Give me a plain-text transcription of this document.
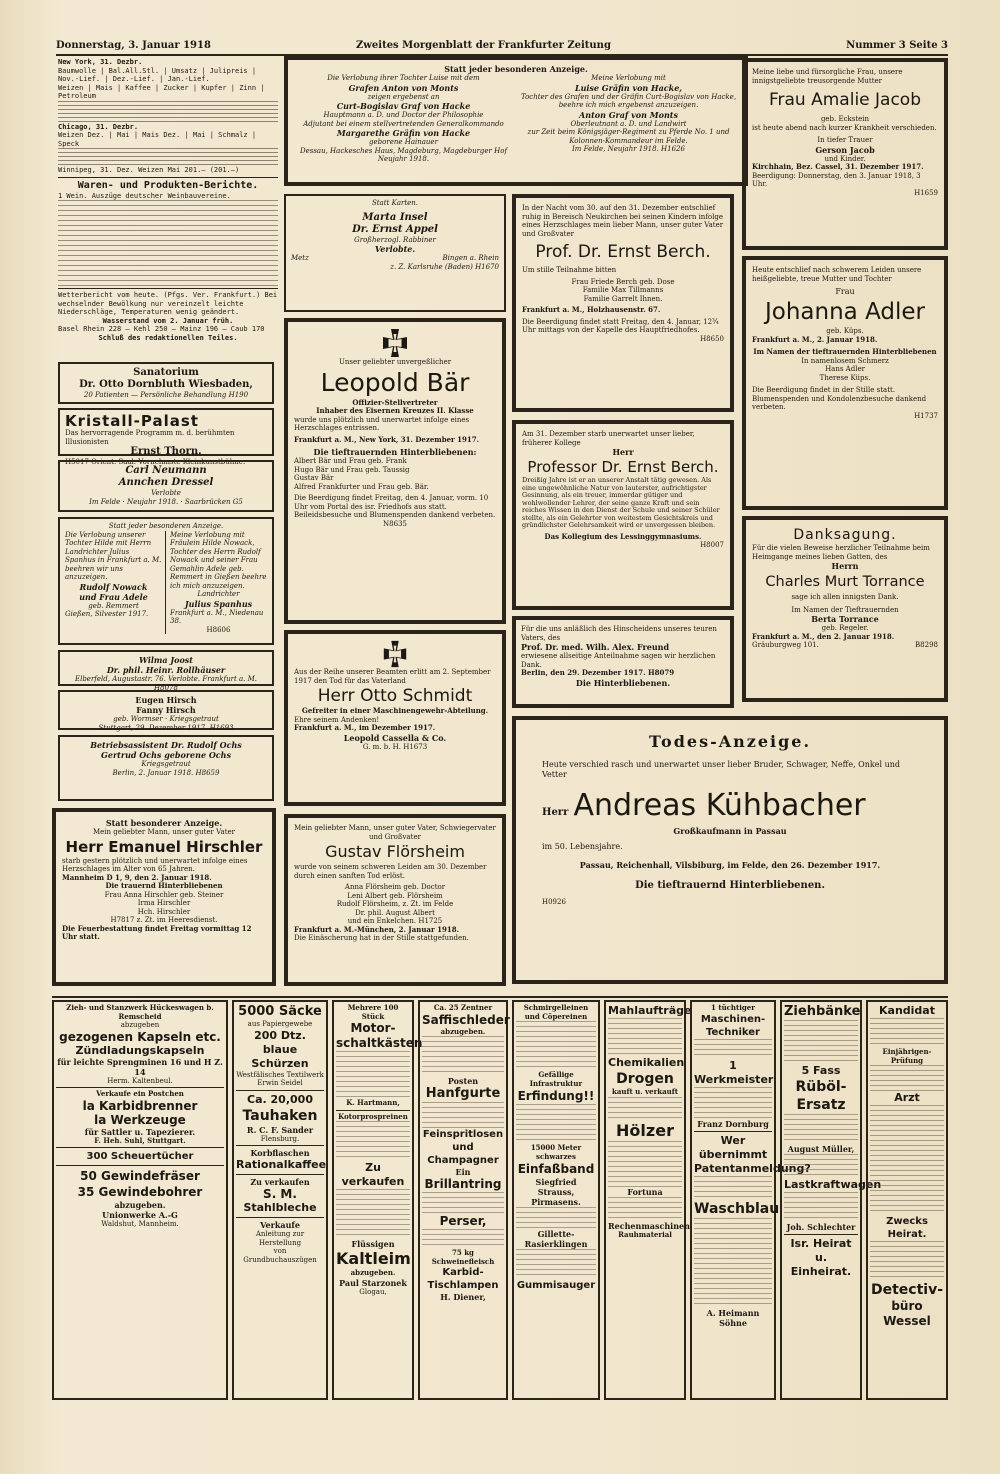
Donnerstag, 3. Januar 1918	Zweites Morgenblatt der Frankfurter Zeitung	Nummer 3 Seite 3

New York, 31. Dezbr.

Baumwolle | Bal.All.Stl. | Umsatz | Julipreis | Nov.-Lief. | Dez.-Lief. | Jan.-Lief.

Weizen | Mais | Kaffee | Zucker | Kupfer | Zinn | Petroleum

Chicago, 31. Dezbr.

Weizen Dez. | Mai | Mais Dez. | Mai | Schmalz | Speck

Winnipeg, 31. Dez. Weizen Mai 201.— (201.—)

Waren- und Produkten-Berichte.

1 Wein. Auszüge deutscher Weinbauvereine.

Wetterbericht vom heute. (Pfgs. Ver. Frankfurt.) Bei wechselnder Bewölkung nur vereinzelt leichte Niederschläge, Temperaturen wenig geändert.

Wasserstand vom 2. Januar früh.

Basel Rhein 228 — Kehl 250 — Mainz 196 — Caub 170

Schluß des redaktionellen Teiles.

Sanatorium

Dr. Otto Dornbluth Wiesbaden,

20 Patienten — Persönliche Behandlung H190

Kristall-Palast

Das hervorragende Programm m. d. berühmten Illusionisten

Ernst Thorn.

H5017 Orient. Saal. Vornehmste Kleinkunstbühne.

Carl Neumann

Annchen Dressel

Verlobte

Im Felde · Neujahr 1918. · Saarbrücken G5

Statt jeder besonderen Anzeige.

Die Verlobung unserer Tochter Hilde mit Herrn Landrichter Julius Spanhus in Frankfurt a. M. beehren wir uns anzuzeigen.

Rudolf Nowack

und Frau Adele

geb. Remmert

Gießen, Silvester 1917.

Meine Verlobung mit Fräulein Hilde Nowack, Tochter des Herrn Rudolf Nowack und seiner Frau Gemahlin Adele geb. Remmert in Gießen beehre ich mich anzuzeigen.

Landrichter

Julius Spanhus

Frankfurt a. M., Niedenau 38.

H8606

Wilma Joost

Dr. phil. Heinr. Rollhäuser

Elberfeld, Augustastr. 76. Verlobte. Frankfurt a. M. H8078

Eugen Hirsch

Fanny Hirsch

geb. Wormser · Kriegsgetraut

Stuttgart, 29. Dezember 1917. H1693

Betriebsassistent Dr. Rudolf Ochs

Gertrud Ochs geborene Ochs

Kriegsgetraut

Berlin, 2. Januar 1918. H8659

Statt besonderer Anzeige.

Mein geliebter Mann, unser guter Vater

Herr Emanuel Hirschler

starb gestern plötzlich und unerwartet infolge eines Herzschlages im Alter von 65 Jahren.

Mannheim D 1, 9, den 2. Januar 1918.

Die trauernd Hinterbliebenen

Frau Anna Hirschler geb. Steiner

Irma Hirschler

Hch. Hirschler

H7817 z. Zt. im Heeresdienst.

Die Feuerbestattung findet Freitag vormittag 12 Uhr statt.

Statt jeder besonderen Anzeige.

Die Verlobung ihrer Tochter Luise mit dem

Grafen Anton von Monts

zeigen ergebenst an

Curt-Bogislav Graf von Hacke

Hauptmann a. D. und Doctor der Philosophie

Adjutant bei einem stellvertretenden Generalkommando

Margarethe Gräfin von Hacke

geborene Hainauer

Dessau, Hackesches Haus, Magdeburg, Magdeburger Hof

Neujahr 1918.

Meine Verlobung mit

Luise Gräfin von Hacke,

Tochter des Grafen und der Gräfin Curt-Bogislav von Hacke, beehre ich mich ergebenst anzuzeigen.

Anton Graf von Monts

Oberleutnant a. D. und Landwirt

zur Zeit beim Königsjäger-Regiment zu Pferde No. 1 und Kolonnen-Kommandeur im Felde.

Im Felde, Neujahr 1918. H1626

Statt Karten.

Marta Insel

Dr. Ernst Appel

Großherzogl. Rabbiner

Verlobte.

Metz	Bingen a. Rhein

z. Z. Karlsruhe (Baden) H1670

Unser geliebter unvergeßlicher

Leopold Bär

Offizier-Stellvertreter

Inhaber des Eisernen Kreuzes II. Klasse

wurde uns plötzlich und unerwartet infolge eines Herzschlages entrissen.

Frankfurt a. M., New York, 31. Dezember 1917.

Die tieftrauernden Hinterbliebenen:

Albert Bär und Frau geb. Frank

Hugo Bär und Frau geb. Taussig

Gustav Bär

Alfred Frankfurter und Frau geb. Bär.

Die Beerdigung findet Freitag, den 4. Januar, vorm. 10 Uhr vom Portal des isr. Friedhofs aus statt. Beileidsbesuche und Blumenspenden dankend verbeten.

N8635

Aus der Reihe unserer Beamten erlitt am 2. September 1917 den Tod für das Vaterland

Herr Otto Schmidt

Gefreiter in einer Maschinengewehr-Abteilung.

Ehre seinem Andenken!

Frankfurt a. M., im Dezember 1917.

Leopold Cassella & Co.

G. m. b. H. H1673

Mein geliebter Mann, unser guter Vater, Schwiegervater und Großvater

Gustav Flörsheim

wurde von seinem schweren Leiden am 30. Dezember durch einen sanften Tod erlöst.

Anna Flörsheim geb. Doctor

Leni Albert geb. Flörsheim

Rudolf Flörsheim, z. Zt. im Felde

Dr. phil. August Albert

und ein Enkelchen. H1725

Frankfurt a. M.-München, 2. Januar 1918.

Die Einäscherung hat in der Stille stattgefunden.

In der Nacht vom 30. auf den 31. Dezember entschlief ruhig in Bereisch Neukirchen bei seinen Kindern infolge eines Herzschlages mein lieber Mann, unser guter Vater und Großvater

Prof. Dr. Ernst Berch.

Um stille Teilnahme bitten

Frau Friede Berch geb. Dose

Familie Max Tillmanns

Familie Garrelt Ihnen.

Frankfurt a. M., Holzhausenstr. 67.

Die Beerdigung findet statt Freitag, den 4. Januar, 12¾ Uhr mittags von der Kapelle des Hauptfriedhofes.

H8650

Am 31. Dezember starb unerwartet unser lieber, früherer Kollege

Herr

Professor Dr. Ernst Berch.

Dreißig Jahre ist er an unserer Anstalt tätig gewesen. Als eine ungewöhnliche Natur von lauterster, aufrichtigster Gesinnung, als ein treuer, immerdar gütiger und wohlwollender Lehrer, der seine ganze Kraft und sein reiches Wissen in den Dienst der Schule und seiner Schüler stellte, als ein Gelehrter von weitestem Gesichtskreis und gründlichster Gelehrsamkeit wird er unvergessen bleiben.

Das Kollegium des Lessinggymnasiums.

H8007

Für die uns anläßlich des Hinscheidens unseres teuren Vaters, des

Prof. Dr. med. Wilh. Alex. Freund

erwiesene allseitige Anteilnahme sagen wir herzlichen Dank.

Berlin, den 29. Dezember 1917. H8079

Die Hinterbliebenen.

Meine liebe und fürsorgliche Frau, unsere innigstgeliebte treusorgende Mutter

Frau Amalie Jacob

geb. Eckstein

ist heute abend nach kurzer Krankheit verschieden.

In tiefer Trauer

Gerson Jacob

und Kinder.

Kirchhain, Bez. Cassel, 31. Dezember 1917.

Beerdigung: Donnerstag, den 3. Januar 1918, 3 Uhr.

H1659

Heute entschlief nach schwerem Leiden unsere heißgeliebte, treue Mutter und Tochter

Frau

Johanna Adler

geb. Küps.

Frankfurt a. M., 2. Januar 1918.

Im Namen der tieftrauernden Hinterbliebenen

In namenlosem Schmerz

Hans Adler

Therese Küps.

Die Beerdigung findet in der Stille statt. Blumenspenden und Kondolenzbesuche dankend verbeten.

H1737

Danksagung.

Für die vielen Beweise herzlicher Teilnahme beim Heimgange meines lieben Gatten, des

Herrn

Charles Murt Torrance

sage ich allen innigsten Dank.

Im Namen der Tieftrauernden

Berta Torrance

geb. Regeler.

Frankfurt a. M., den 2. Januar 1918.

Gräuburgweg 101.	B8298

Todes-Anzeige.

Heute verschied rasch und unerwartet unser lieber Bruder, Schwager, Neffe, Onkel und Vetter

Herr Andreas Kühbacher

Großkaufmann in Passau

im 50. Lebensjahre.

Passau, Reichenhall, Vilsbiburg, im Felde, den 26. Dezember 1917.

Die tieftrauernd Hinterbliebenen.

H0926

Zieh- und Stanzwerk Hückeswagen b. Remscheid

abzugeben

gezogenen Kapseln etc.

Zündladungskapseln

für leichte Sprengminen 16 und H Z. 14

Herm. Kaltenbeul.

Verkaufe ein Postchen

la Karbidbrenner

la Werkzeuge

für Sattler u. Tapezierer.

F. Heh. Suhl, Stuttgart.

300 Scheuertücher

50 Gewindefräser

35 Gewindebohrer

abzugeben.

Unionwerke A.-G

Waldshut, Mannheim.

5000 Säcke

aus Papiergewebe

200 Dtz.

blaue Schürzen

Westfälisches Textilwerk

Erwin Seidel

Ca. 20,000

Tauhaken

R. C. F. Sander

Flensburg.

Korbflaschen

Rationalkaffee

Zu verkaufen

S. M.

Stahlbleche

Verkaufe

Anleitung zur Herstellung

von Grundbuchauszügen

Mehrere 100 Stück

Motor-schaltkästen

K. Hartmann,

Kotorprospreinen

Zu verkaufen

Flüssigen

Kaltleim

abzugeben.

Paul Starzonek

Glogau,

Ca. 25 Zentner

Saffischleder

abzugeben.

Posten

Hanfgurte

Feinspritlosen

und Champagner

Ein

Brillantring

Perser,

75 kg Schweinefleisch

Karbid-

Tischlampen

H. Diener,

Schmirgelleinen und Cöpereinen

Gefällige Infrastruktur

Erfindung!!

15000 Meter schwarzes

Einfaßband

Siegfried Strauss,

Pirmasens.

Gillette-

Rasierklingen

Gummisauger

Mahlaufträge

Chemikalien

Drogen

kauft u. verkauft

Hölzer

Fortuna

Rechenmaschinen

Rauhmaterial

1 tüchtiger

Maschinen-Techniker

1 Werkmeister

Franz Dornburg

Wer übernimmt

Patentanmeldung?

Waschblau

A. Heimann Söhne

Ziehbänke

5 Fass

Rüböl-Ersatz

August Müller,

Lastkraftwagen

Joh. Schlechter

Isr. Heirat

u. Einheirat.

Kandidat

Einjährigen-Prüfung

Arzt

Zwecks Heirat.

Detectiv-

büro Wessel
